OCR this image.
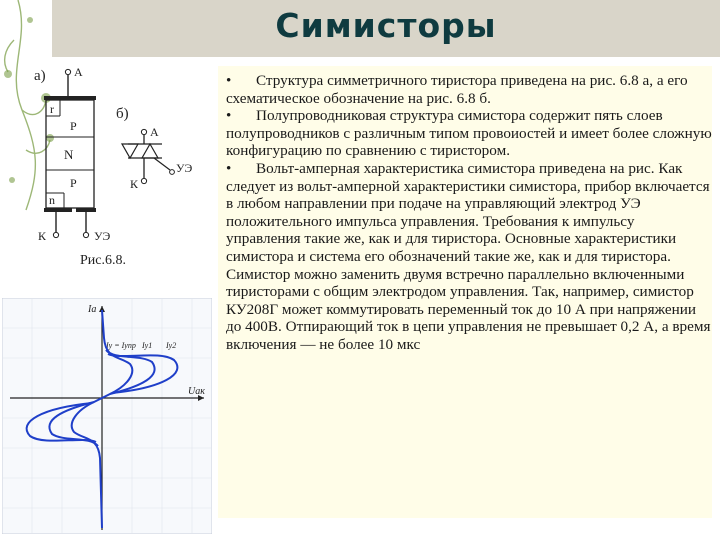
Симисторы

• Структура симметричного тиристора приведена на рис. 6.8 а, а его схематическое обозначение на рис. 6.8 б.

• Полупроводниковая структура симистора содержит пять слоев полупроводников с различным типом провоиостей и имеет более сложную конфигурацию по сравнению с тиристором.

• Вольт-амперная характеристика симистора приведена на рис. Как следует из вольт-амперной характеристики симистора, прибор включается в любом направлении при подаче на управляющий электрод УЭ положительного импульса управления. Требования к импульсу управления такие же, как и для тиристора. Основные характеристики симистора и система его обозначений такие же, как и для тиристора. Симистор можно заменить двумя встречно параллельно включенными тиристорами с общим электродом управления. Так, например, симистор КУ208Г может коммутировать переменный ток до 10 А при напряжении до 400В. Отпирающий ток в цепи управления не превышает 0,2 А, а время включения — не более 10 мкс

а) А
r
P
N
P
n
К	УЭ
Рис.6.8.
б)
А
К
УЭ
Iа
Uак
Iу = Iупр Iу1 Iу2
